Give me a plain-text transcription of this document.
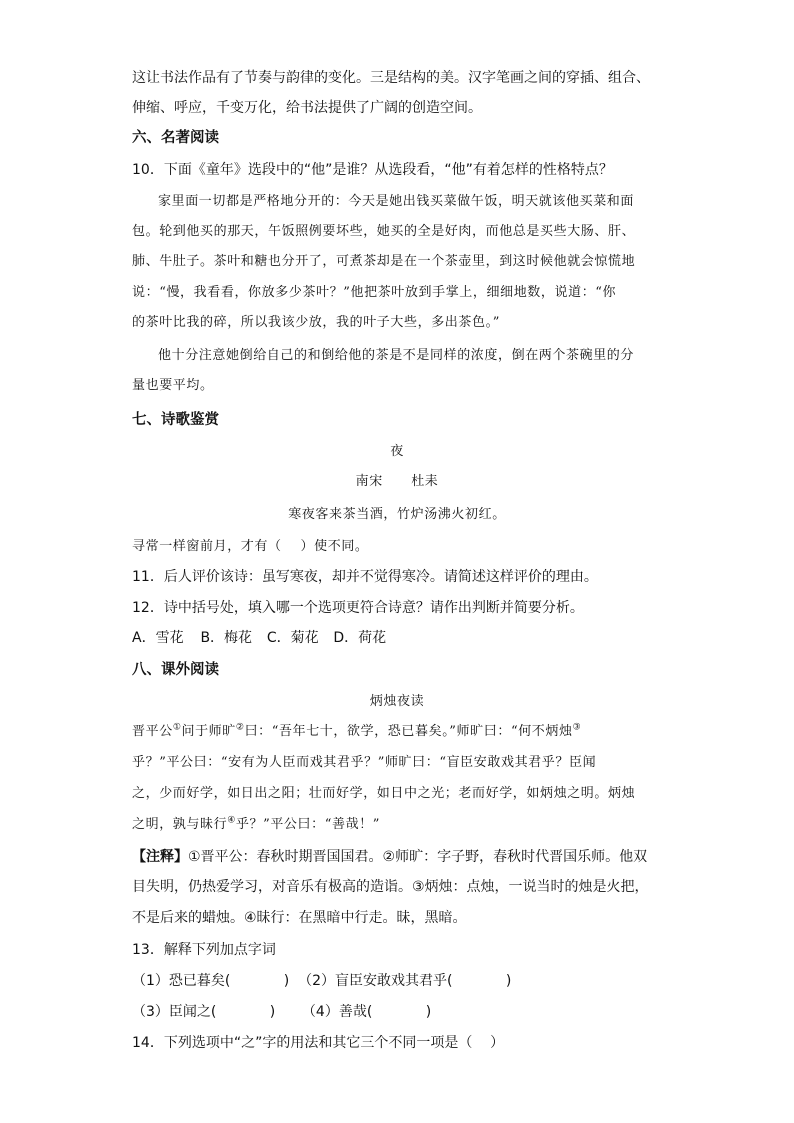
这让书法作品有了节奏与韵律的变化。三是结构的美。汉字笔画之间的穿插、组合、
伸缩、呼应，千变万化，给书法提供了广阔的创造空间。
六、名著阅读
10．下面《童年》选段中的“他”是谁？从选段看，“他”有着怎样的性格特点？
家里面一切都是严格地分开的：今天是她出钱买菜做午饭，明天就该他买菜和面
包。轮到他买的那天，午饭照例要坏些，她买的全是好肉，而他总是买些大肠、肝、
肺、牛肚子。茶叶和糖也分开了，可煮茶却是在一个茶壶里，到这时候他就会惊慌地
说：“慢，我看看，你放多少茶叶？”他把茶叶放到手掌上，细细地数，说道：“你
的茶叶比我的碎，所以我该少放，我的叶子大些，多出茶色。”
他十分注意她倒给自己的和倒给他的茶是不是同样的浓度，倒在两个茶碗里的分
量也要平均。
七、诗歌鉴赏
夜
南宋      杜耒
寒夜客来茶当酒，竹炉汤沸火初红。
寻常一样窗前月，才有（    ）使不同。
11．后人评价该诗：虽写寒夜，却并不觉得寒冷。请简述这样评价的理由。
12．诗中括号处，填入哪一个选项更符合诗意？请作出判断并简要分析。
A．雪花 B．梅花 C．菊花 D．荷花
八、课外阅读
炳烛夜读
晋平公①问于师旷②曰：“吾年七十，欲学，恐已暮矣。”师旷曰：“何不炳烛③
乎？”平公曰：“安有为人臣而戏其君乎？”师旷曰：“盲臣安敢戏其君乎？臣闻
之，少而好学，如日出之阳；壮而好学，如日中之光；老而好学，如炳烛之明。炳烛
之明，孰与昧行④乎？”平公曰：“善哉！”
【注释】①晋平公：春秋时期晋国国君。②师旷：字子野，春秋时代晋国乐师。他双
目失明，仍热爱学习，对音乐有极高的造诣。③炳烛：点烛，一说当时的烛是火把，
不是后来的蜡烛。④昧行：在黑暗中行走。昧，黑暗。
13．解释下列加点字词
（1）恐已暮矣(            )  （2）盲臣安敢戏其君乎(            )
（3）臣闻之(            )      （4）善哉(            )
14．下列选项中“之”字的用法和其它三个不同一项是（    ）
